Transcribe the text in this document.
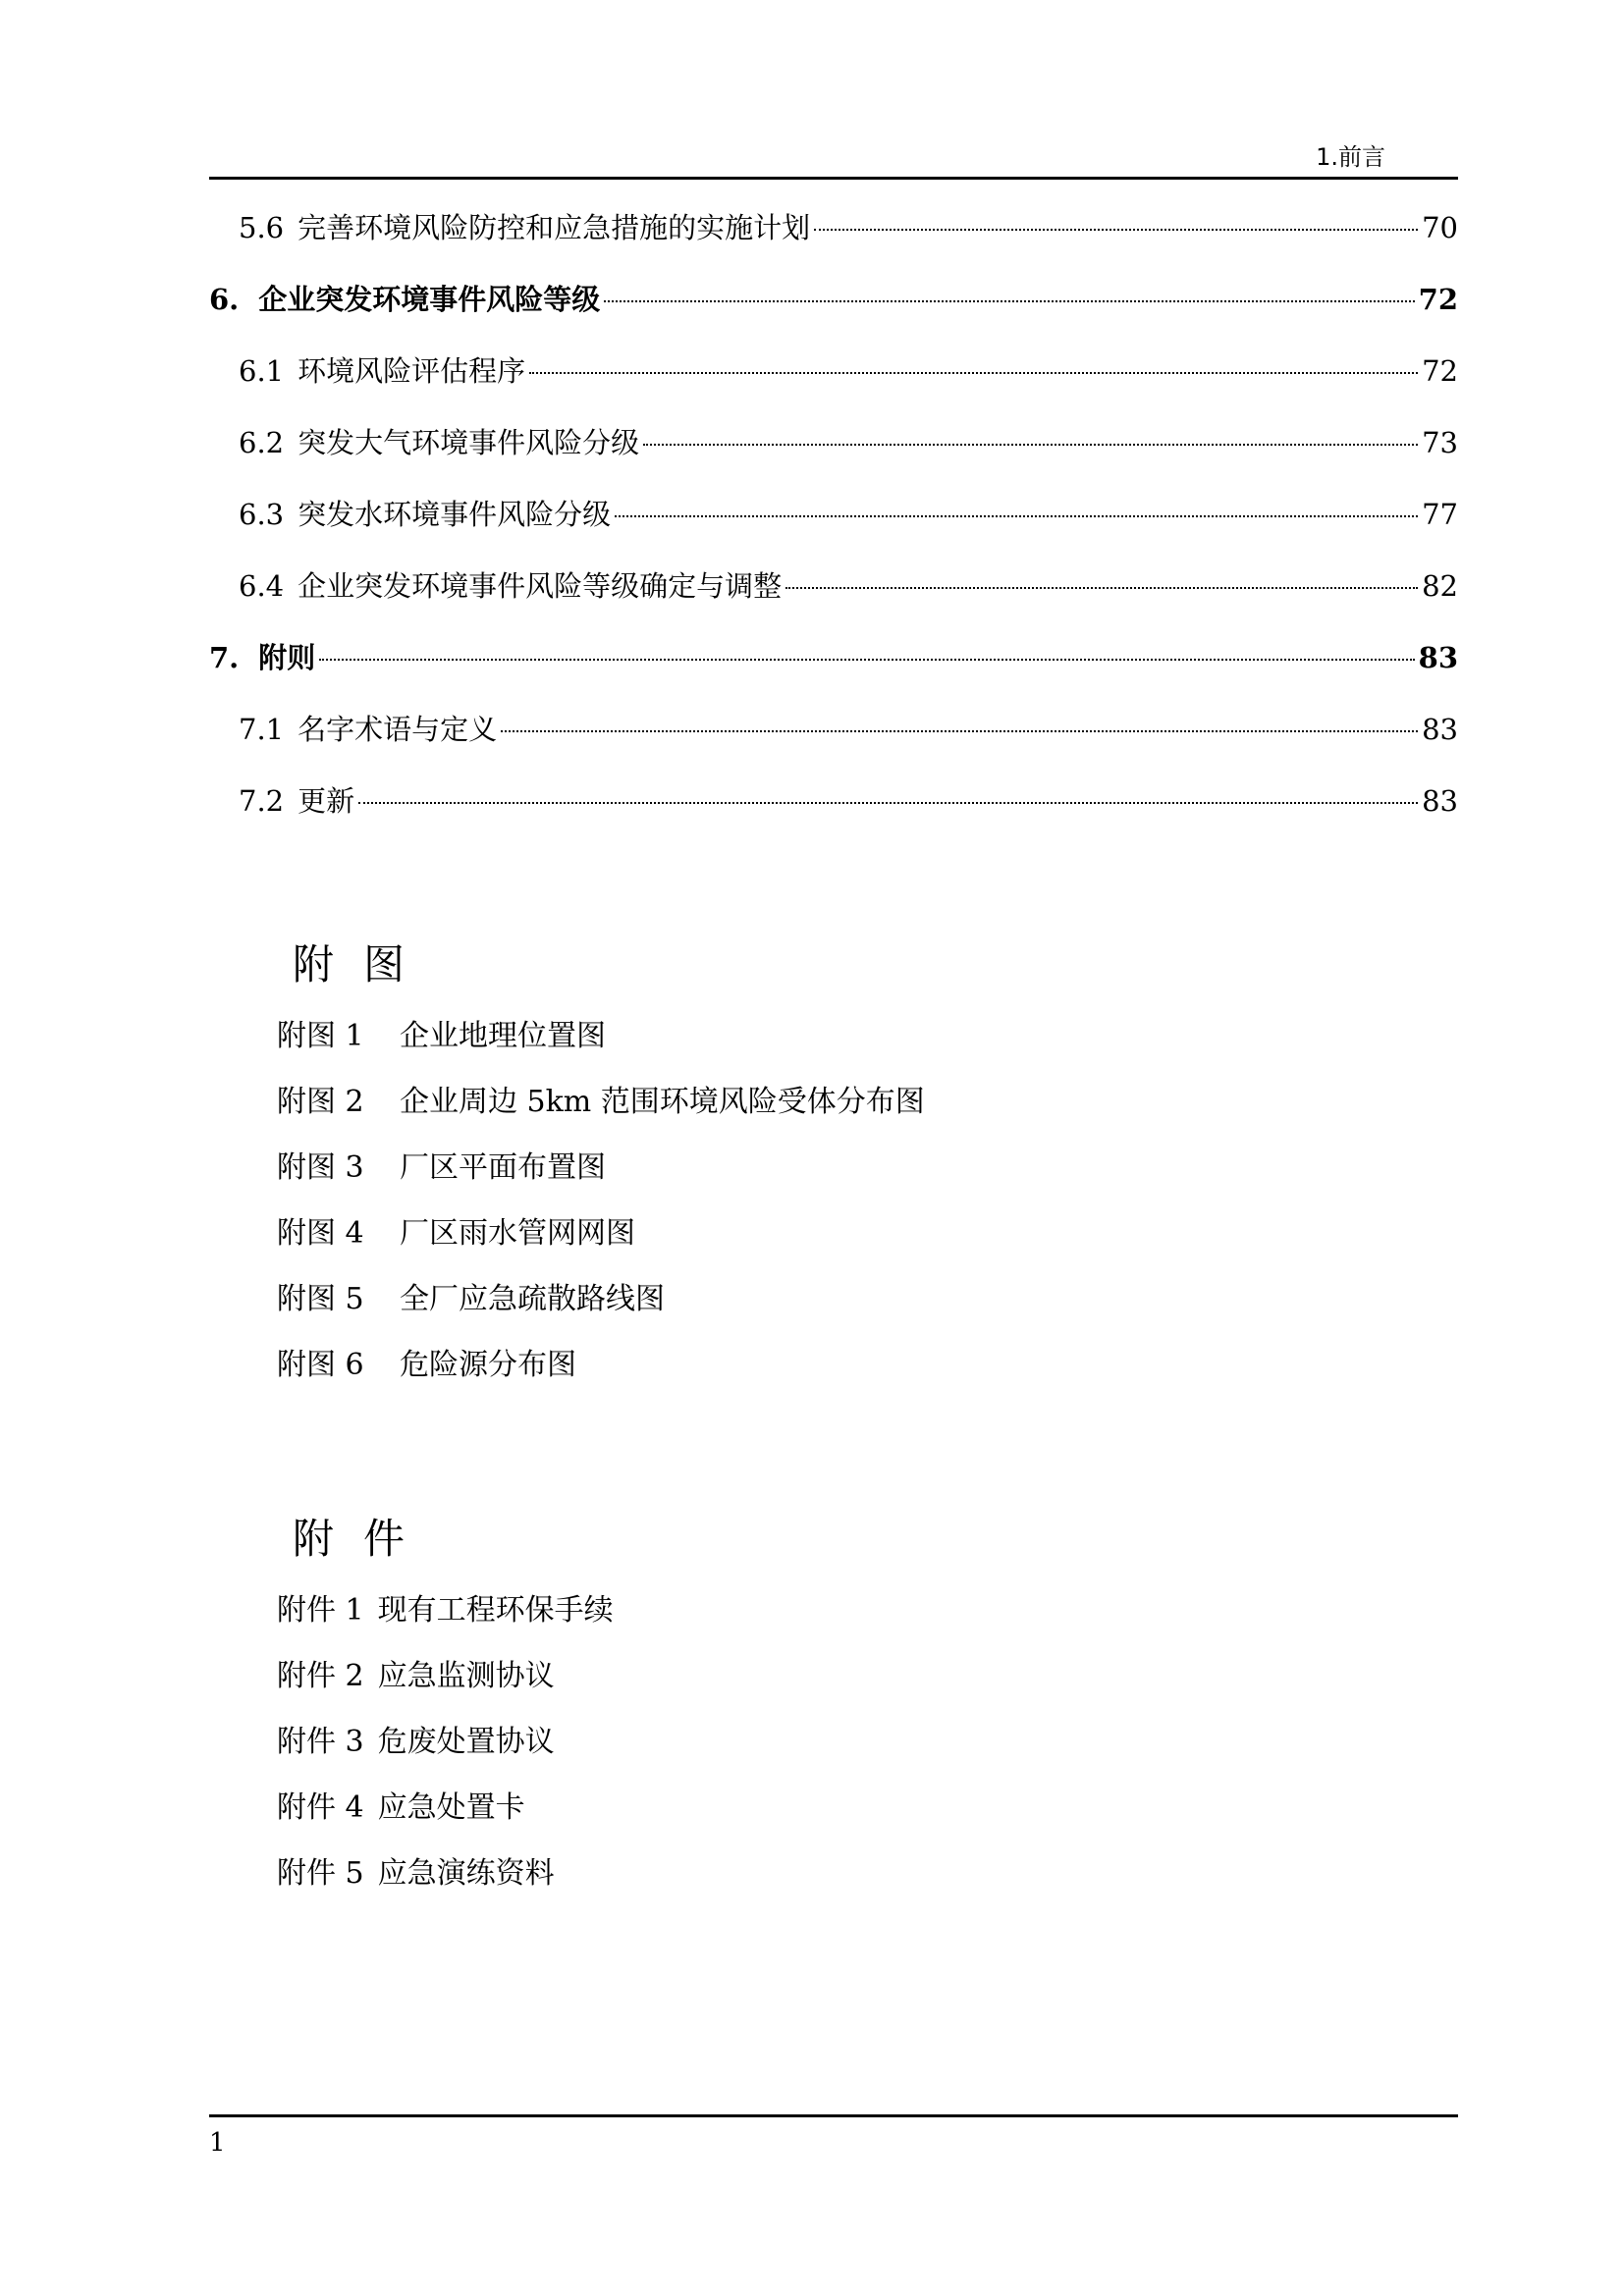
1.前言
5.6 完善环境风险防控和应急措施的实施计划	70
6. 企业突发环境事件风险等级	72
6.1 环境风险评估程序	72
6.2 突发大气环境事件风险分级	73
6.3 突发水环境事件风险分级	77
6.4 企业突发环境事件风险等级确定与调整	82
7. 附则	83
7.1 名字术语与定义	83
7.2 更新	83
附图
附图 1	企业地理位置图
附图 2	企业周边 5km 范围环境风险受体分布图
附图 3	厂区平面布置图
附图 4	厂区雨水管网网图
附图 5	全厂应急疏散路线图
附图 6	危险源分布图
附件
附件 1 现有工程环保手续
附件 2 应急监测协议
附件 3 危废处置协议
附件 4 应急处置卡
附件 5 应急演练资料
1
